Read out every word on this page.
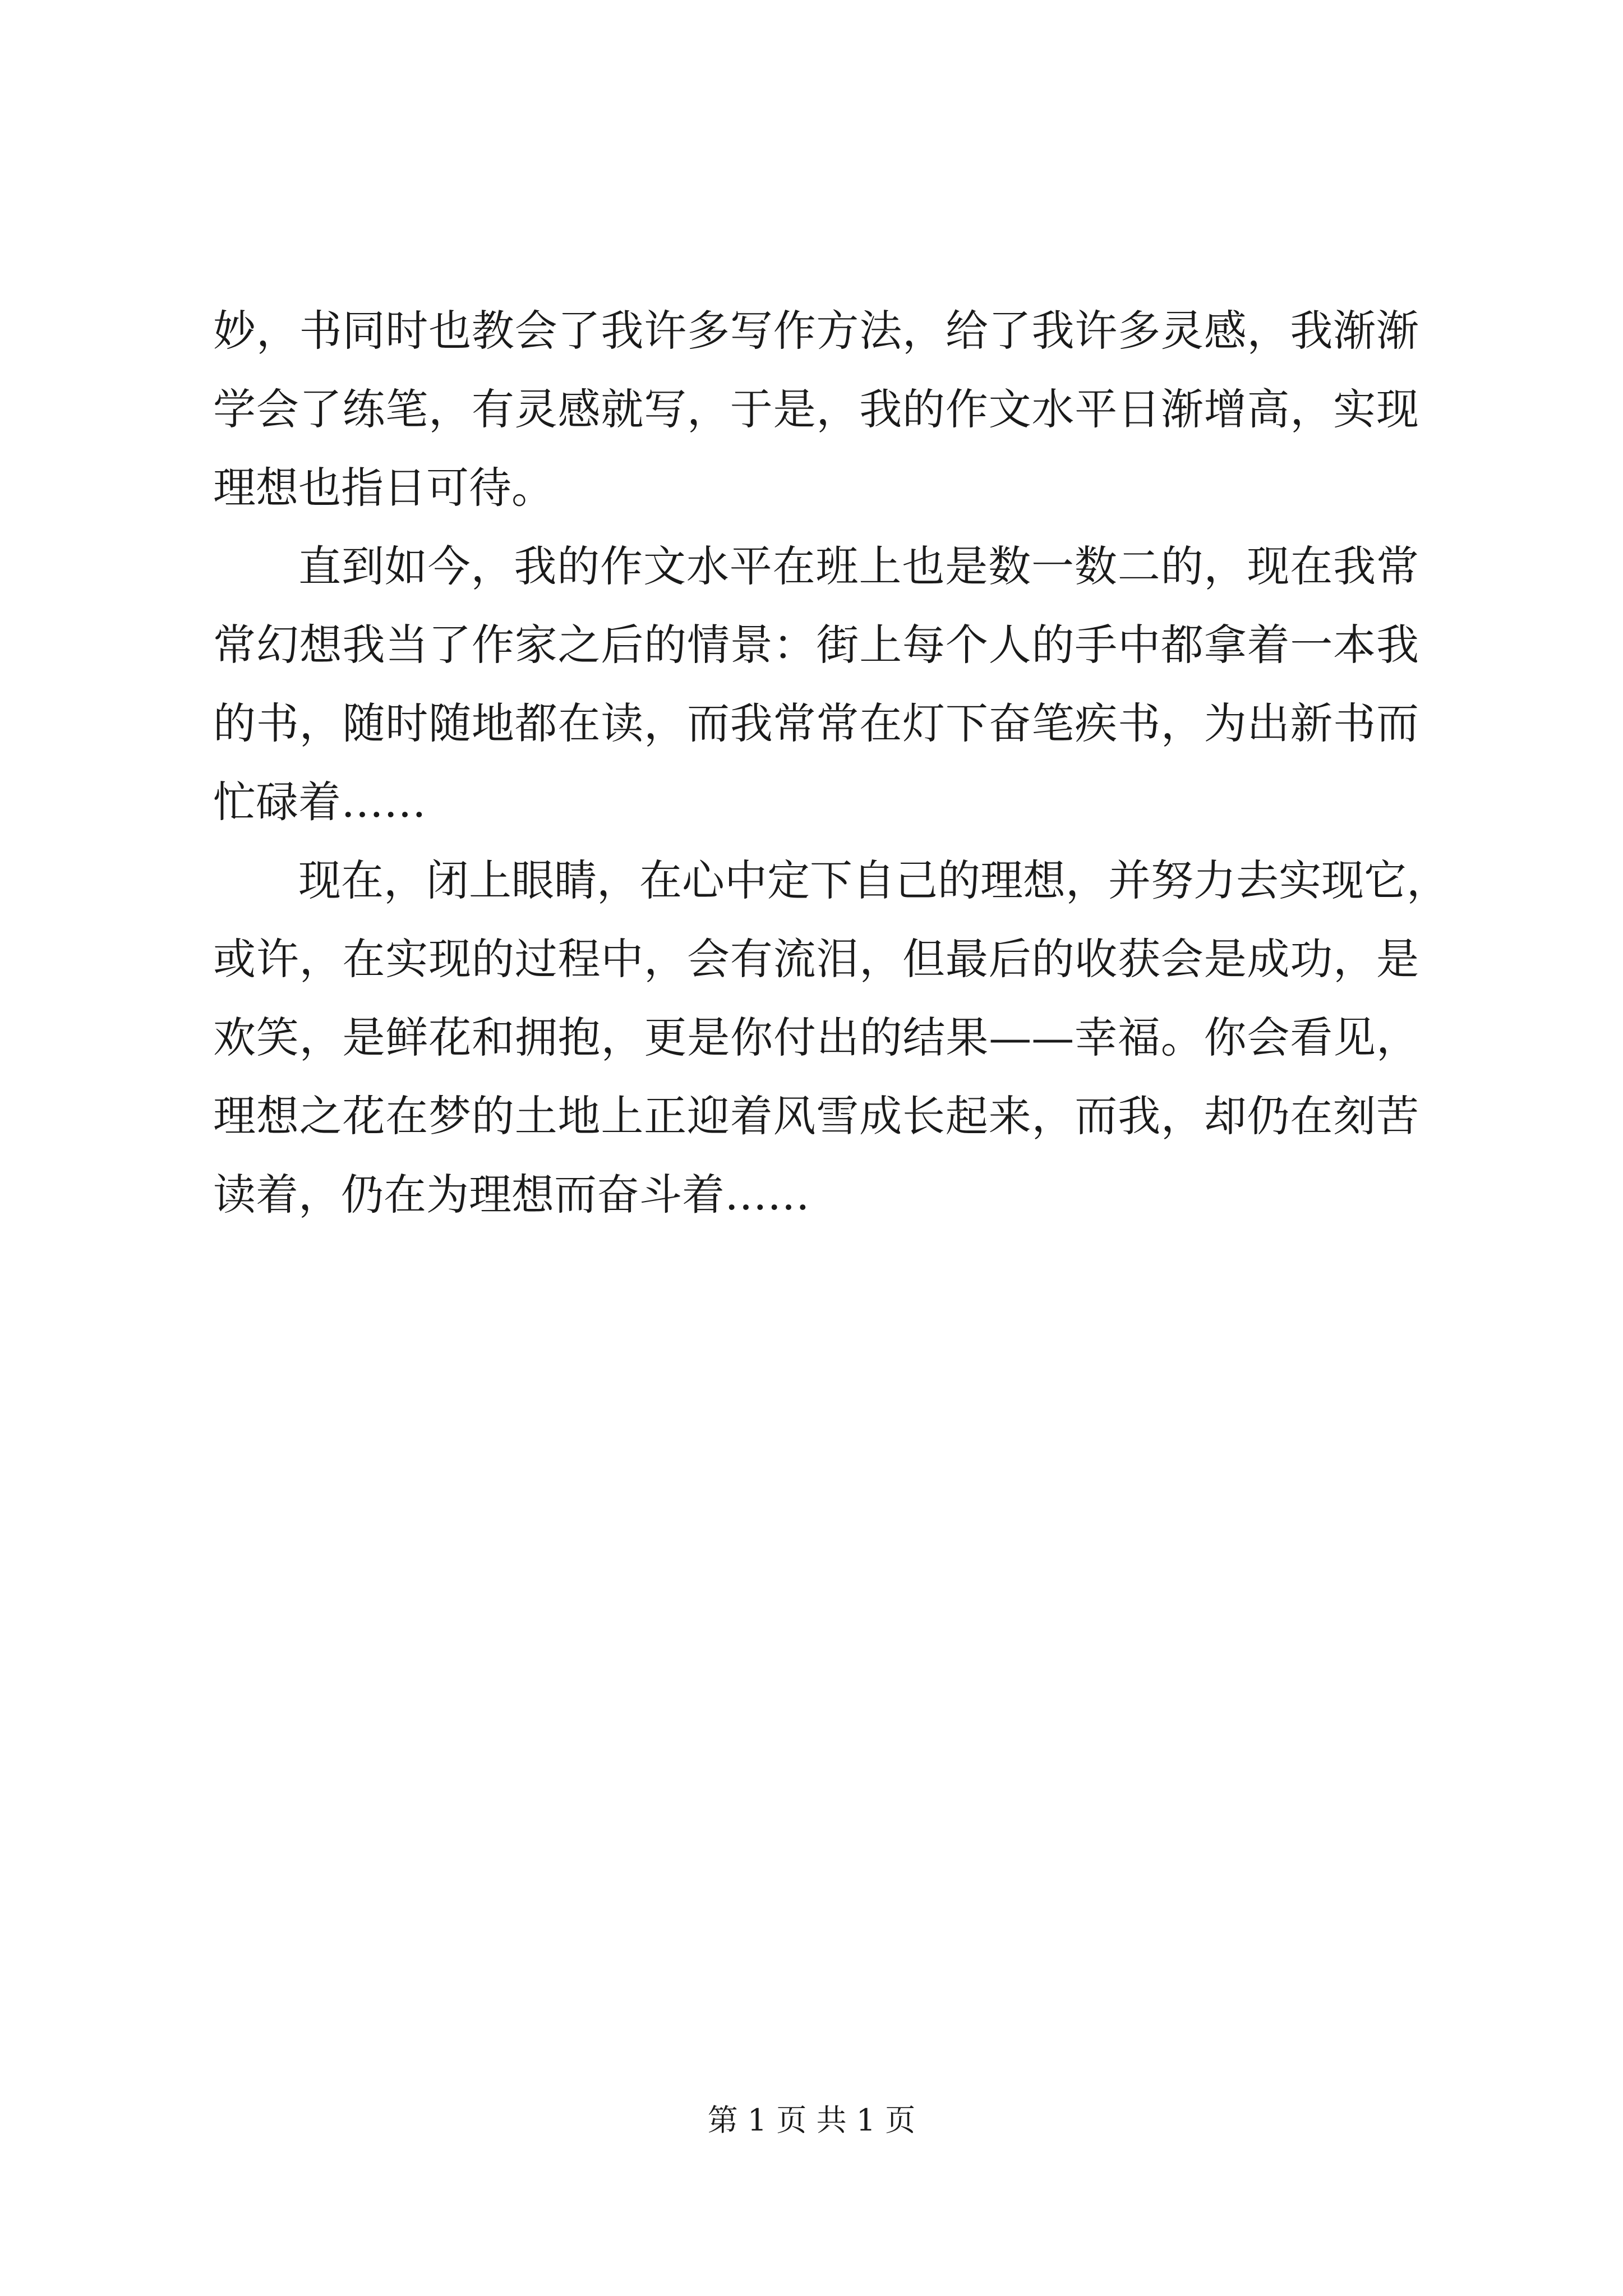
妙，书同时也教会了我许多写作方法，给了我许多灵感，我渐渐
学会了练笔，有灵感就写，于是，我的作文水平日渐增高，实现
理想也指日可待。
直到如今，我的作文水平在班上也是数一数二的，现在我常
常幻想我当了作家之后的情景：街上每个人的手中都拿着一本我
的书，随时随地都在读，而我常常在灯下奋笔疾书，为出新书而
忙碌着……
现在，闭上眼睛，在心中定下自己的理想，并努力去实现它，
或许，在实现的过程中，会有流泪，但最后的收获会是成功，是
欢笑，是鲜花和拥抱，更是你付出的结果——幸福。你会看见，
理想之花在梦的土地上正迎着风雪成长起来，而我，却仍在刻苦
读着，仍在为理想而奋斗着……
第 1 页 共 1 页
